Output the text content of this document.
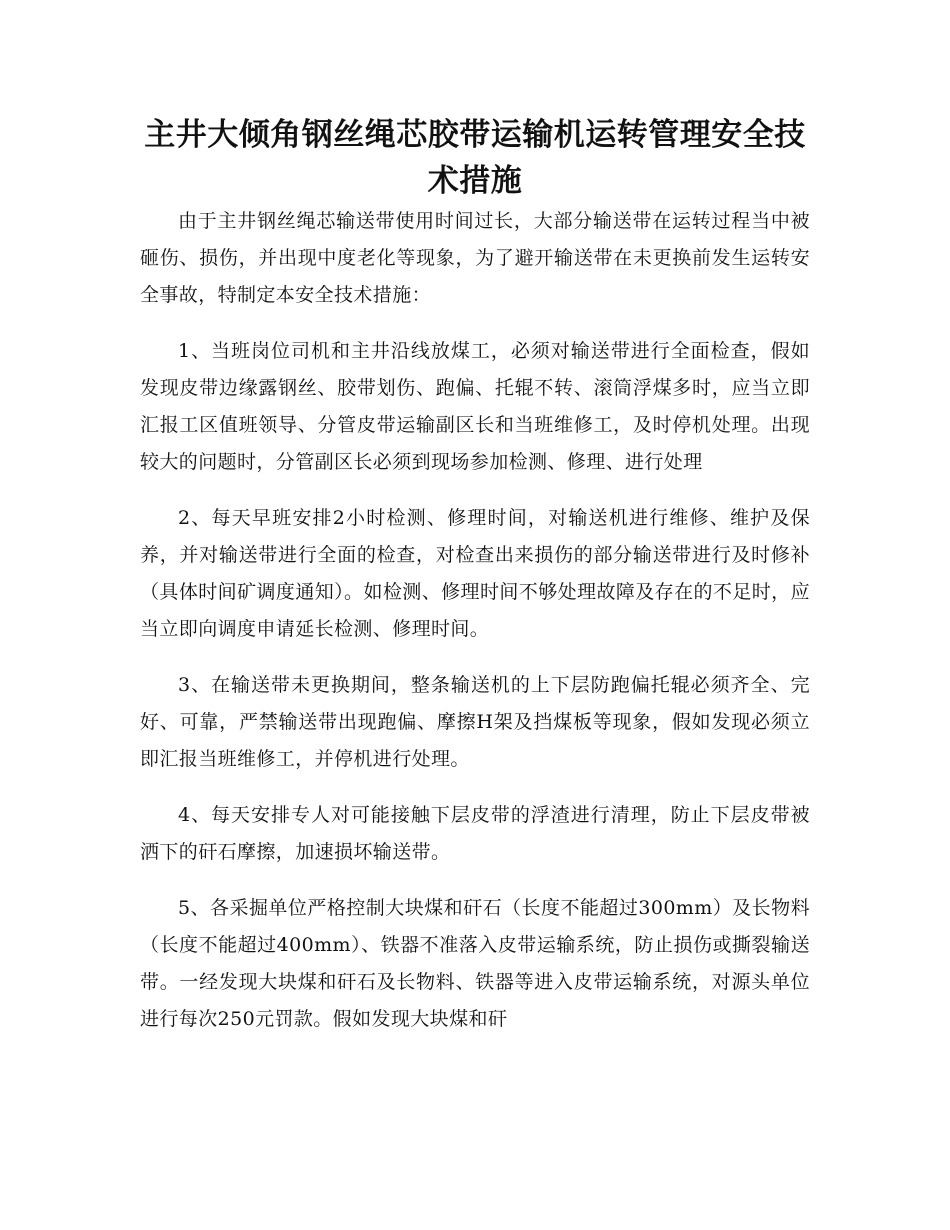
主井大倾角钢丝绳芯胶带运输机运转管理安全技术措施

由于主井钢丝绳芯输送带使用时间过长，大部分输送带在运转过程当中被砸伤、损伤，并出现中度老化等现象，为了避开输送带在未更换前发生运转安全事故，特制定本安全技术措施：

1、当班岗位司机和主井沿线放煤工，必须对输送带进行全面检查，假如发现皮带边缘露钢丝、胶带划伤、跑偏、托辊不转、滚筒浮煤多时，应当立即汇报工区值班领导、分管皮带运输副区长和当班维修工，及时停机处理。出现较大的问题时，分管副区长必须到现场参加检测、修理、进行处理

2、每天早班安排2小时检测、修理时间，对输送机进行维修、维护及保养，并对输送带进行全面的检查，对检查出来损伤的部分输送带进行及时修补（具体时间矿调度通知）。如检测、修理时间不够处理故障及存在的不足时，应当立即向调度申请延长检测、修理时间。

3、在输送带未更换期间，整条输送机的上下层防跑偏托辊必须齐全、完好、可靠，严禁输送带出现跑偏、摩擦H架及挡煤板等现象，假如发现必须立即汇报当班维修工，并停机进行处理。

4、每天安排专人对可能接触下层皮带的浮渣进行清理，防止下层皮带被洒下的矸石摩擦，加速损坏输送带。

5、各采掘单位严格控制大块煤和矸石（长度不能超过300mm）及长物料（长度不能超过400mm）、铁器不准落入皮带运输系统，防止损伤或撕裂输送带。一经发现大块煤和矸石及长物料、铁器等进入皮带运输系统，对源头单位进行每次250元罚款。假如发现大块煤和矸
